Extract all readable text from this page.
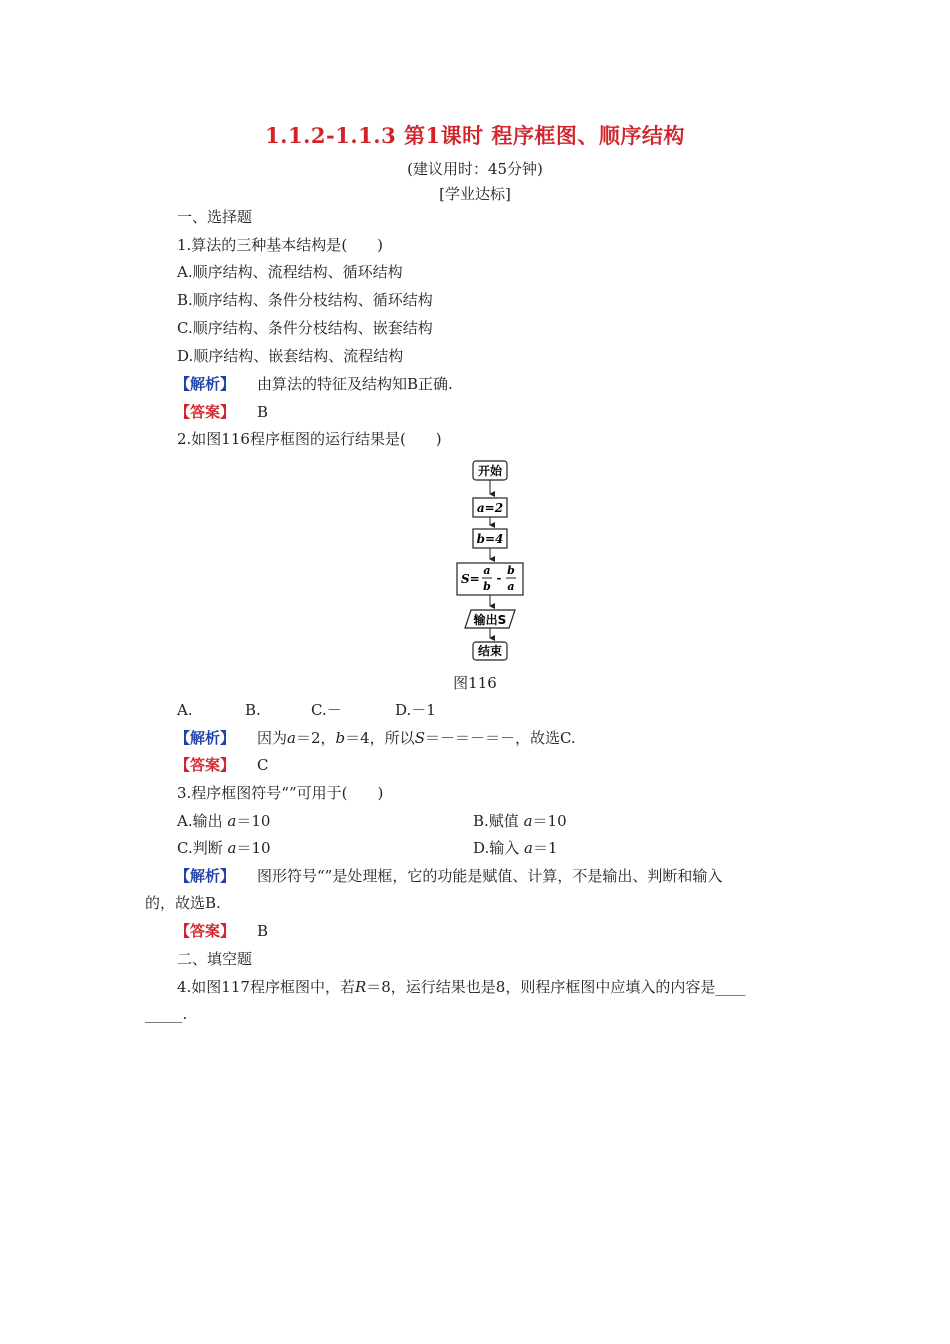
1.1.2-1.1.3 第1课时 程序框图、顺序结构
(建议用时：45分钟)
[学业达标]
一、选择题
1.算法的三种基本结构是(　　)
A.顺序结构、流程结构、循环结构
B.顺序结构、条件分枝结构、循环结构
C.顺序结构、条件分枝结构、嵌套结构
D.顺序结构、嵌套结构、流程结构
【解析】 由算法的特征及结构知B正确.
【答案】 B
2.如图116程序框图的运行结果是(　　)
开始
a=2
b=4
S=
a
b
-
b
a
输出S
结束
图116
A.	B.	C.－	D.－1
【解析】 因为a＝2，b＝4，所以S＝－＝－＝－，故选C.
【答案】 C
3.程序框图符号“”可用于(　　)
A.输出 a＝10	B.赋值 a＝10
C.判断 a＝10	D.输入 a＝1
【解析】 图形符号“”是处理框，它的功能是赋值、计算，不是输出、判断和输入
的，故选B.
【答案】 B
二、填空题
4.如图117程序框图中，若R＝8，运行结果也是8，则程序框图中应填入的内容是____
_____.
